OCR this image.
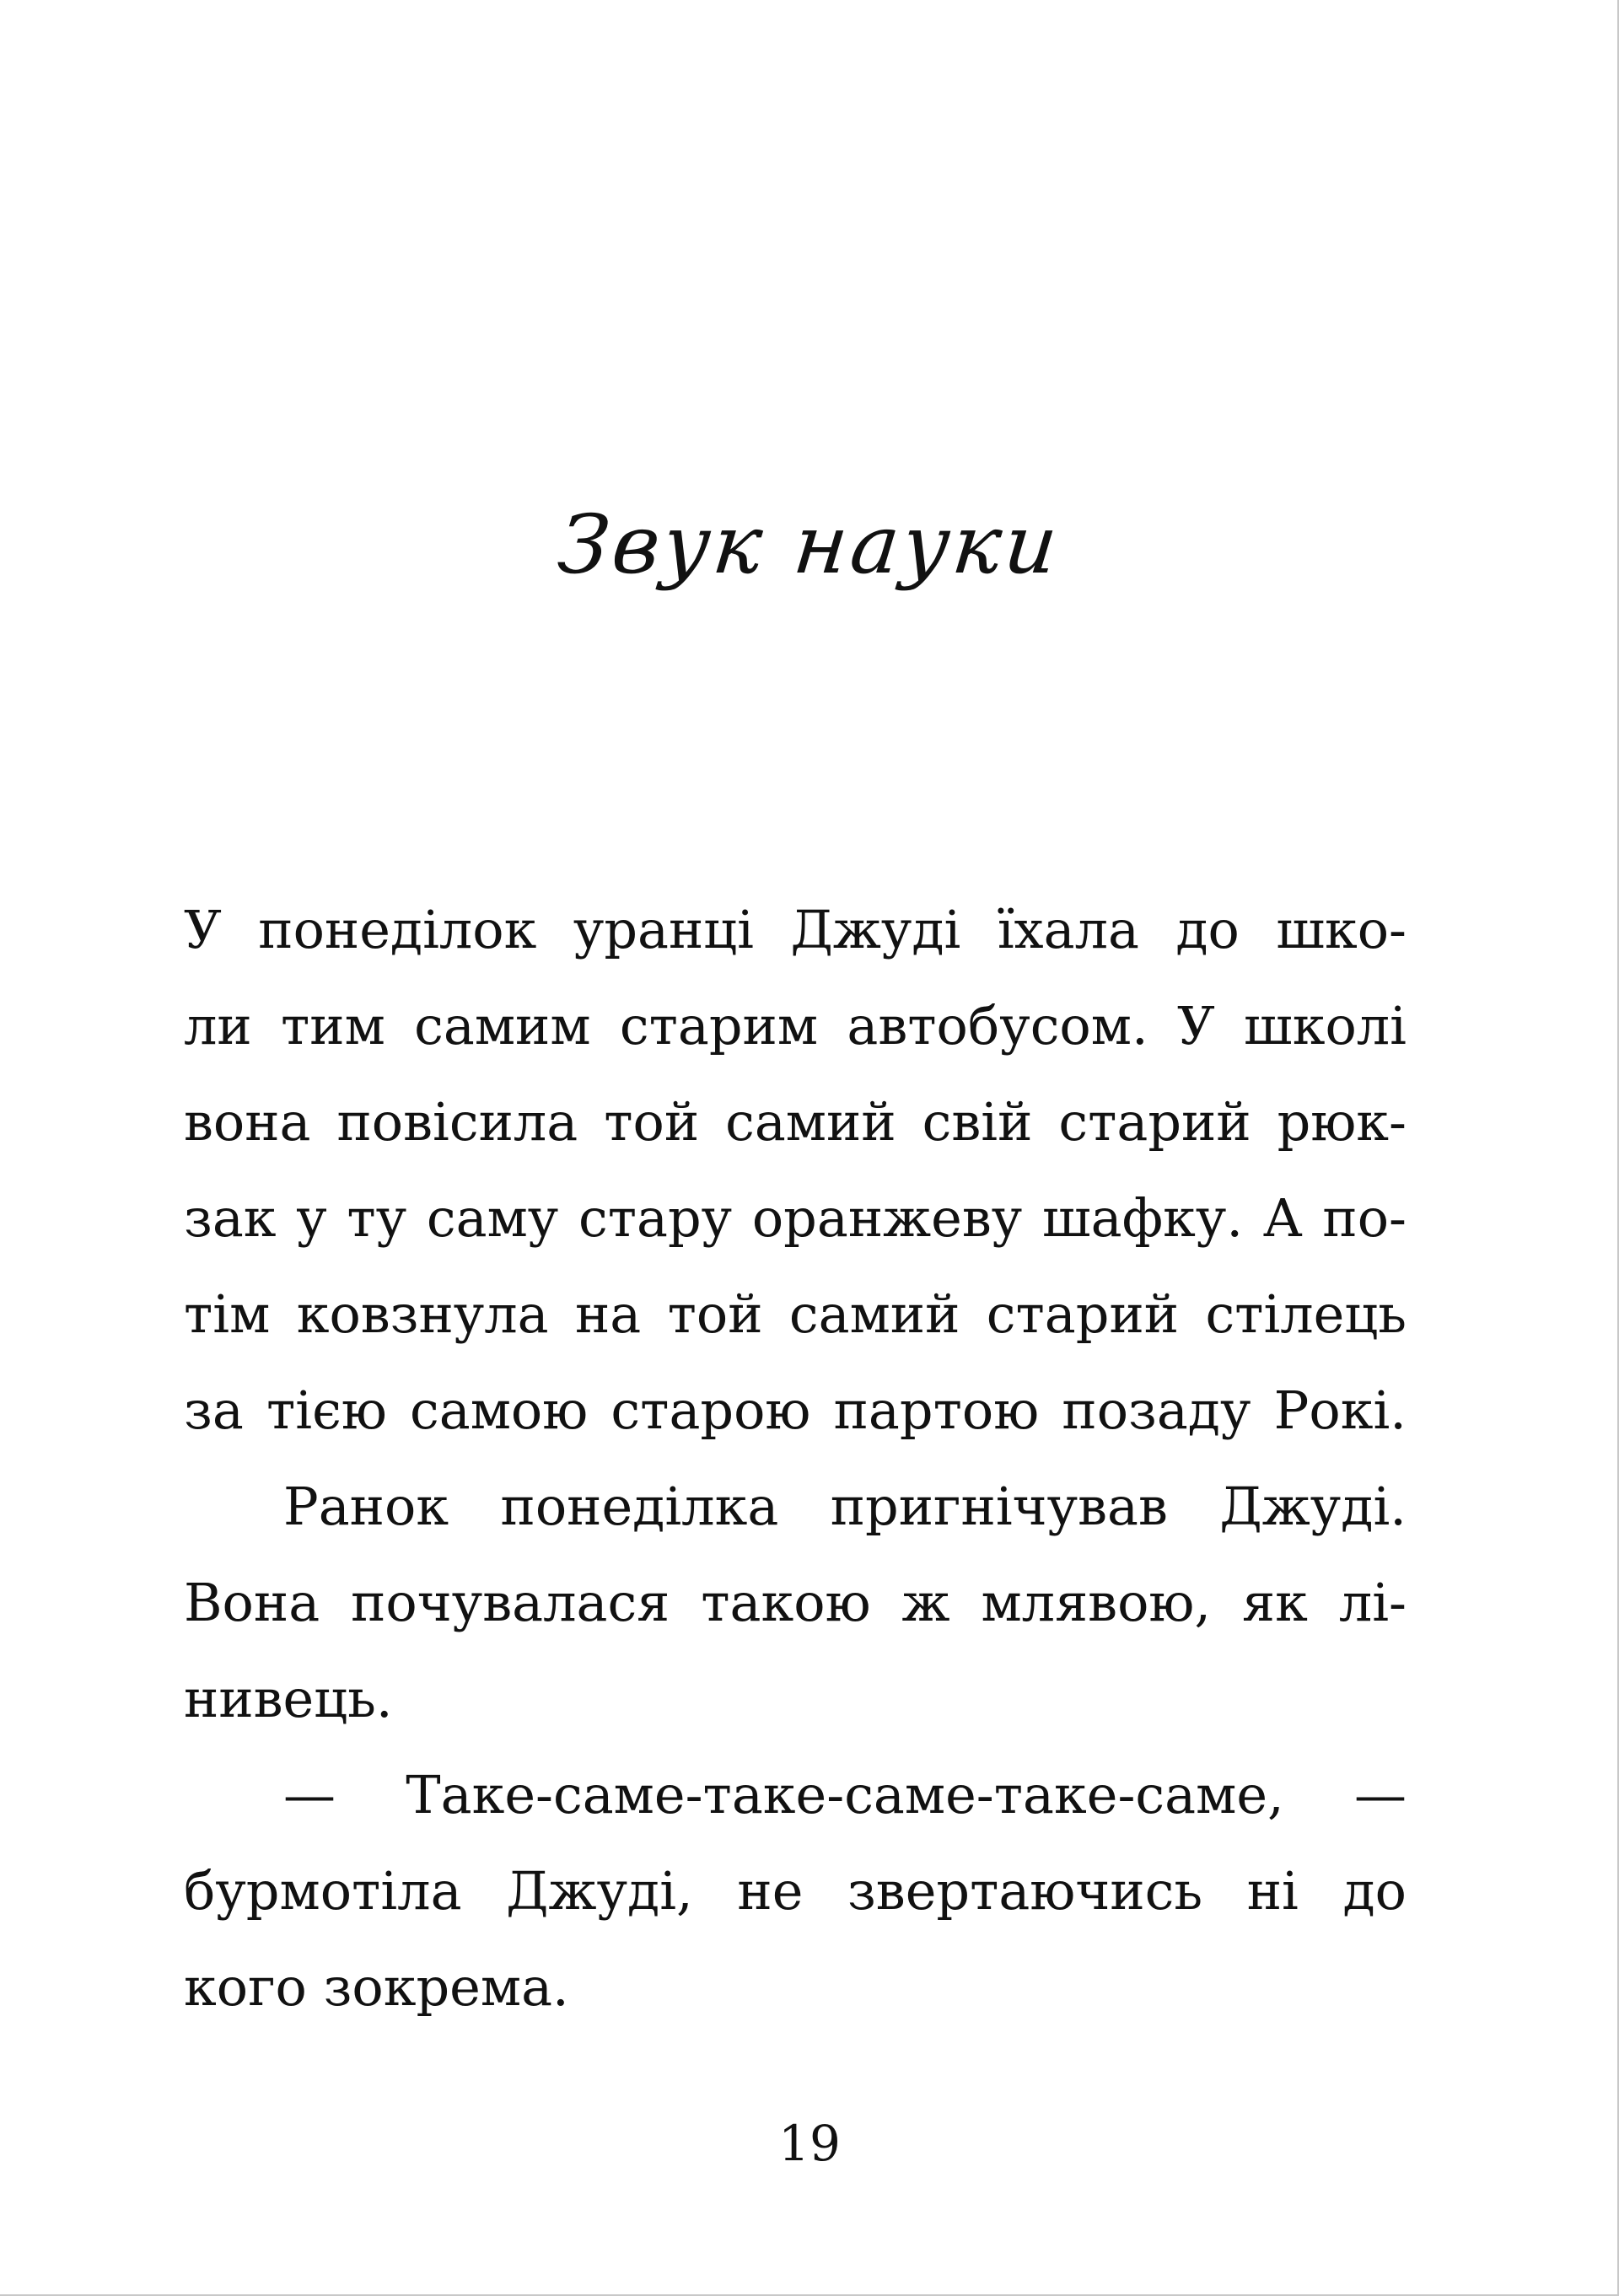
Звук науки
У понеділок уранці Джуді їхала до шко-
ли тим самим старим автобусом. У школі
вона повісила той самий свій старий рюк-
зак у ту саму стару оранжеву шафку. А по-
тім ковзнула на той самий старий стілець
за тією самою старою партою позаду Рокі.
Ранок понеділка пригнічував Джуді.
Вона почувалася такою ж млявою, як лі-
нивець.
— Таке-саме-таке-саме-таке-саме, —
бурмотіла Джуді, не звертаючись ні до
кого зокрема.
19
